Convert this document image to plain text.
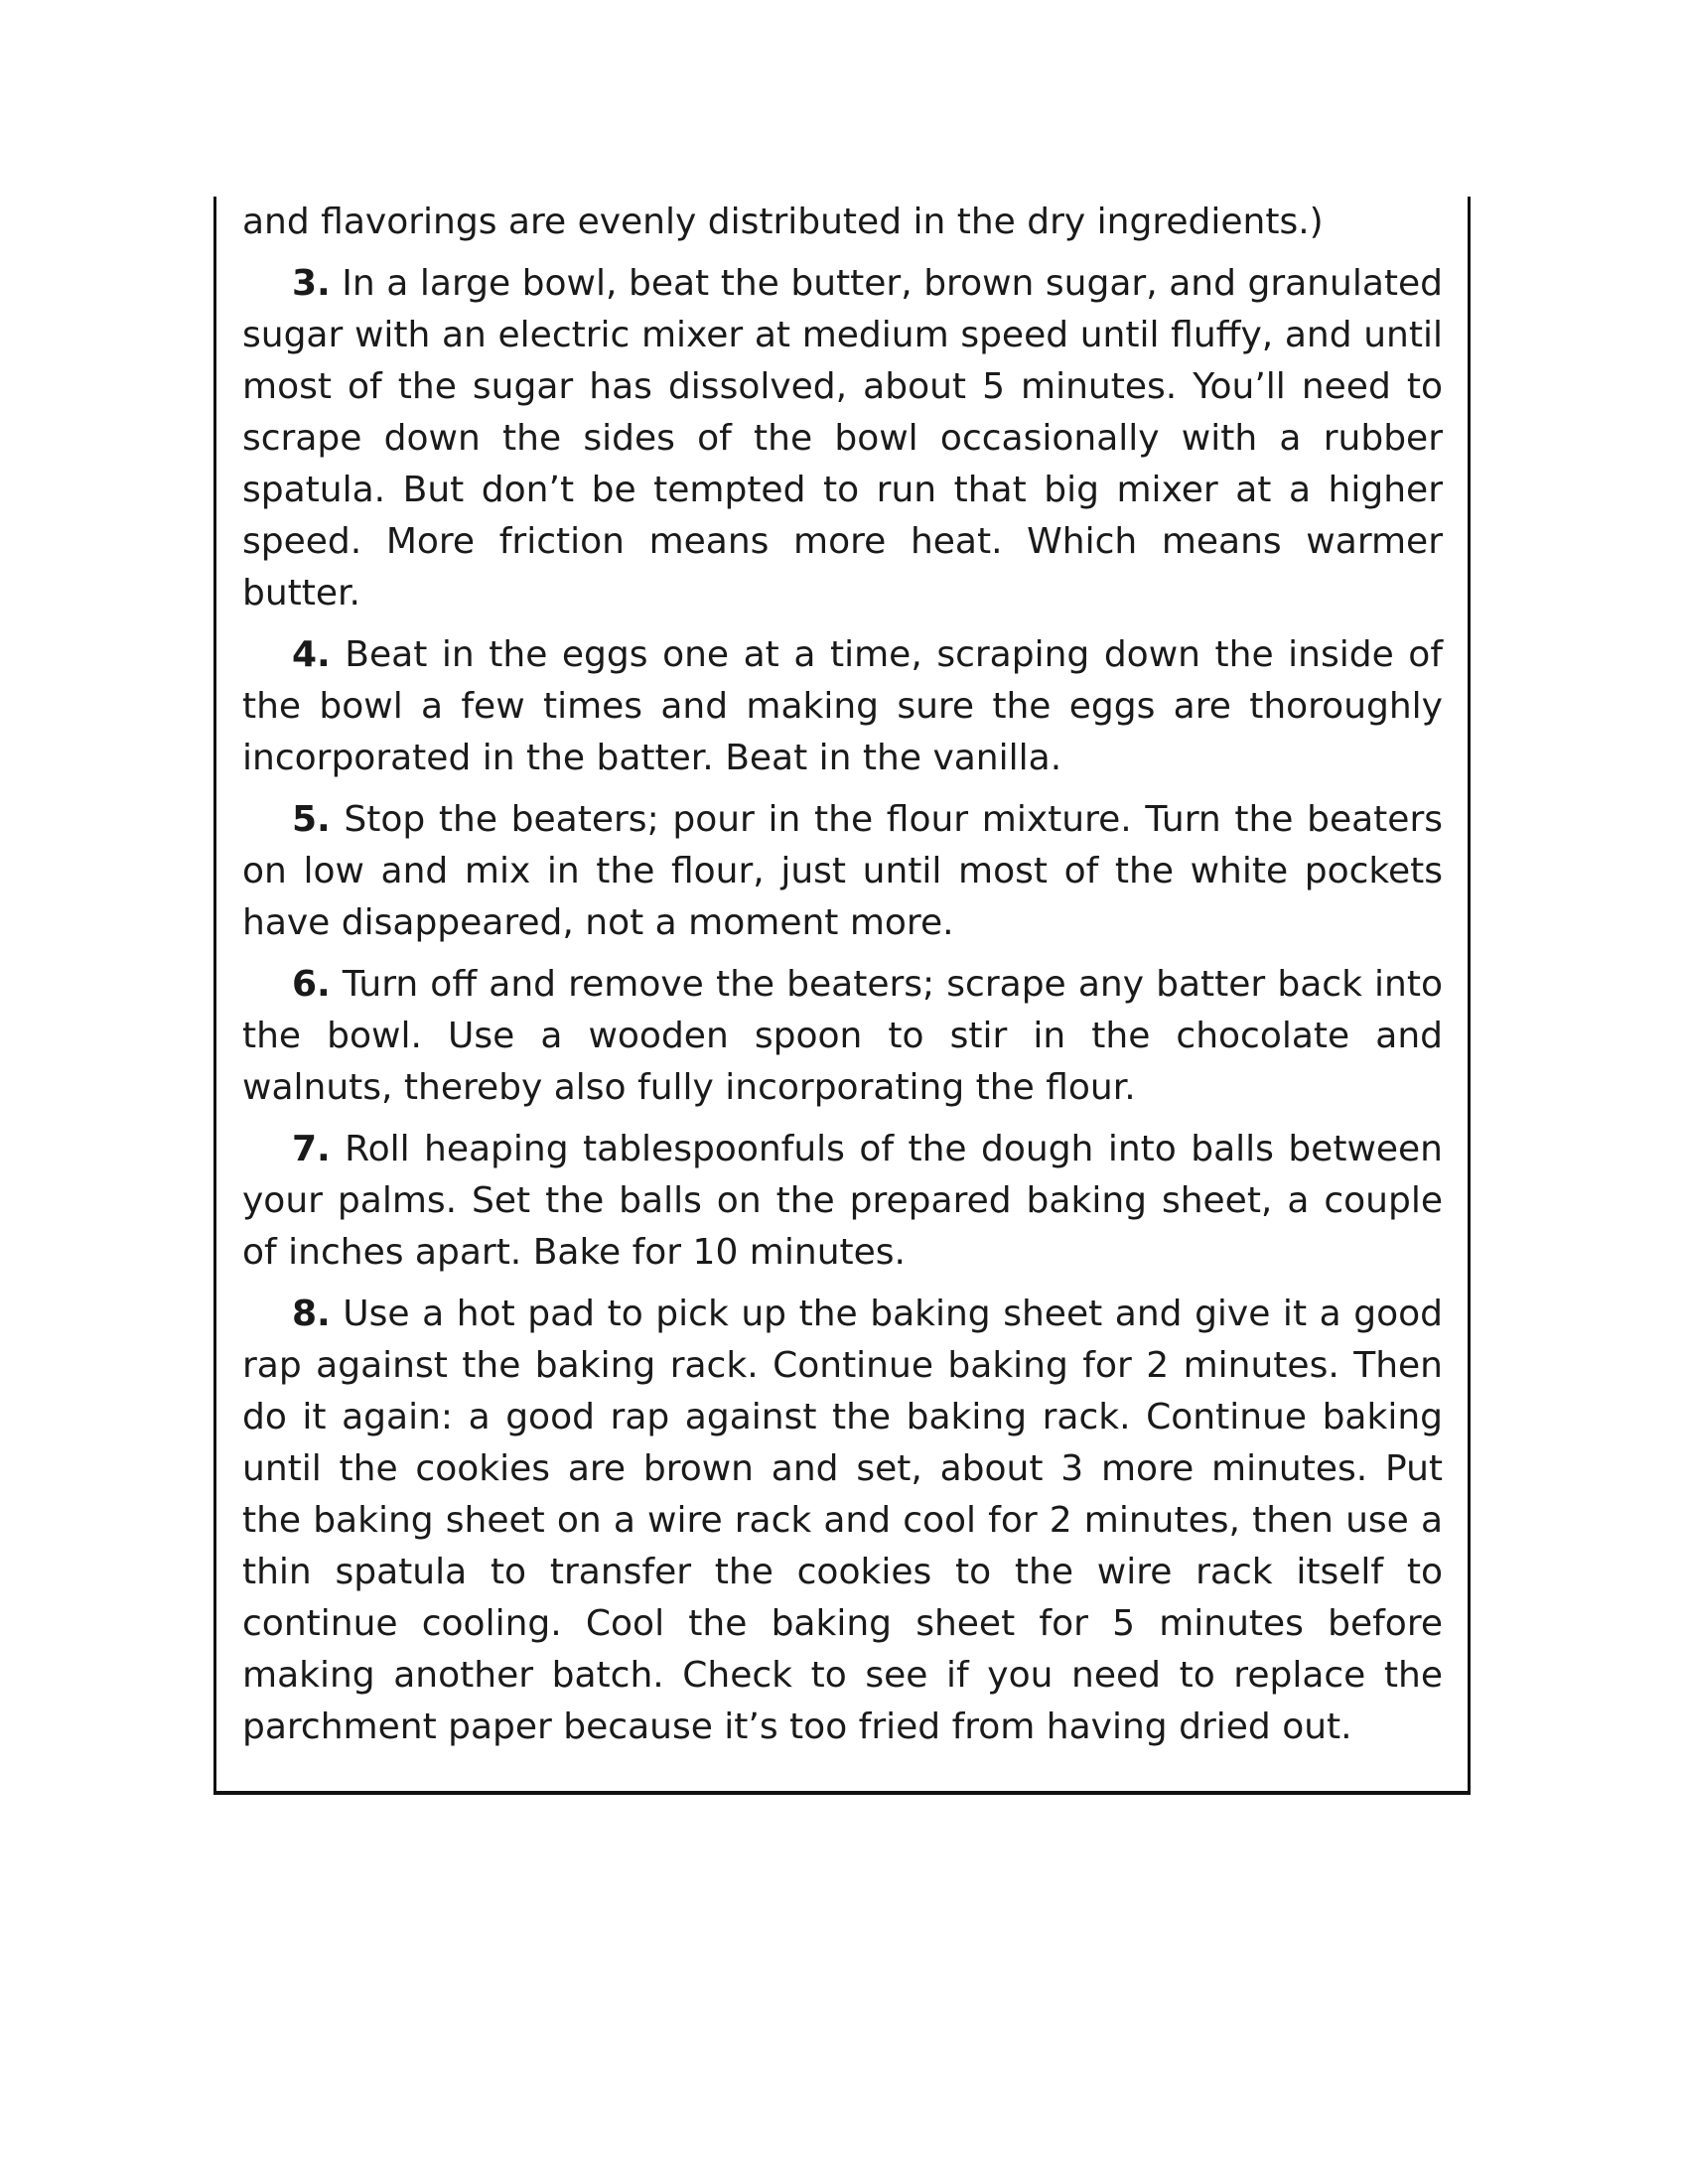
and flavorings are evenly distributed in the dry ingredients.)

3. In a large bowl, beat the butter, brown sugar, and granulated sugar with an electric mixer at medium speed until fluffy, and until most of the sugar has dissolved, about 5 minutes. You’ll need to scrape down the sides of the bowl occasionally with a rubber spatula. But don’t be tempted to run that big mixer at a higher speed. More friction means more heat. Which means warmer butter.

4. Beat in the eggs one at a time, scraping down the inside of the bowl a few times and making sure the eggs are thoroughly incorporated in the batter. Beat in the vanilla.

5. Stop the beaters; pour in the flour mixture. Turn the beaters on low and mix in the flour, just until most of the white pockets have disappeared, not a moment more.

6. Turn off and remove the beaters; scrape any batter back into the bowl. Use a wooden spoon to stir in the chocolate and walnuts, thereby also fully incorporating the flour.

7. Roll heaping tablespoonfuls of the dough into balls between your palms. Set the balls on the prepared baking sheet, a couple of inches apart. Bake for 10 minutes.

8. Use a hot pad to pick up the baking sheet and give it a good rap against the baking rack. Continue baking for 2 minutes. Then do it again: a good rap against the baking rack. Continue baking until the cookies are brown and set, about 3 more minutes. Put the baking sheet on a wire rack and cool for 2 minutes, then use a thin spatula to transfer the cookies to the wire rack itself to continue cooling. Cool the baking sheet for 5 minutes before making another batch. Check to see if you need to replace the parchment paper because it’s too fried from having dried out.
